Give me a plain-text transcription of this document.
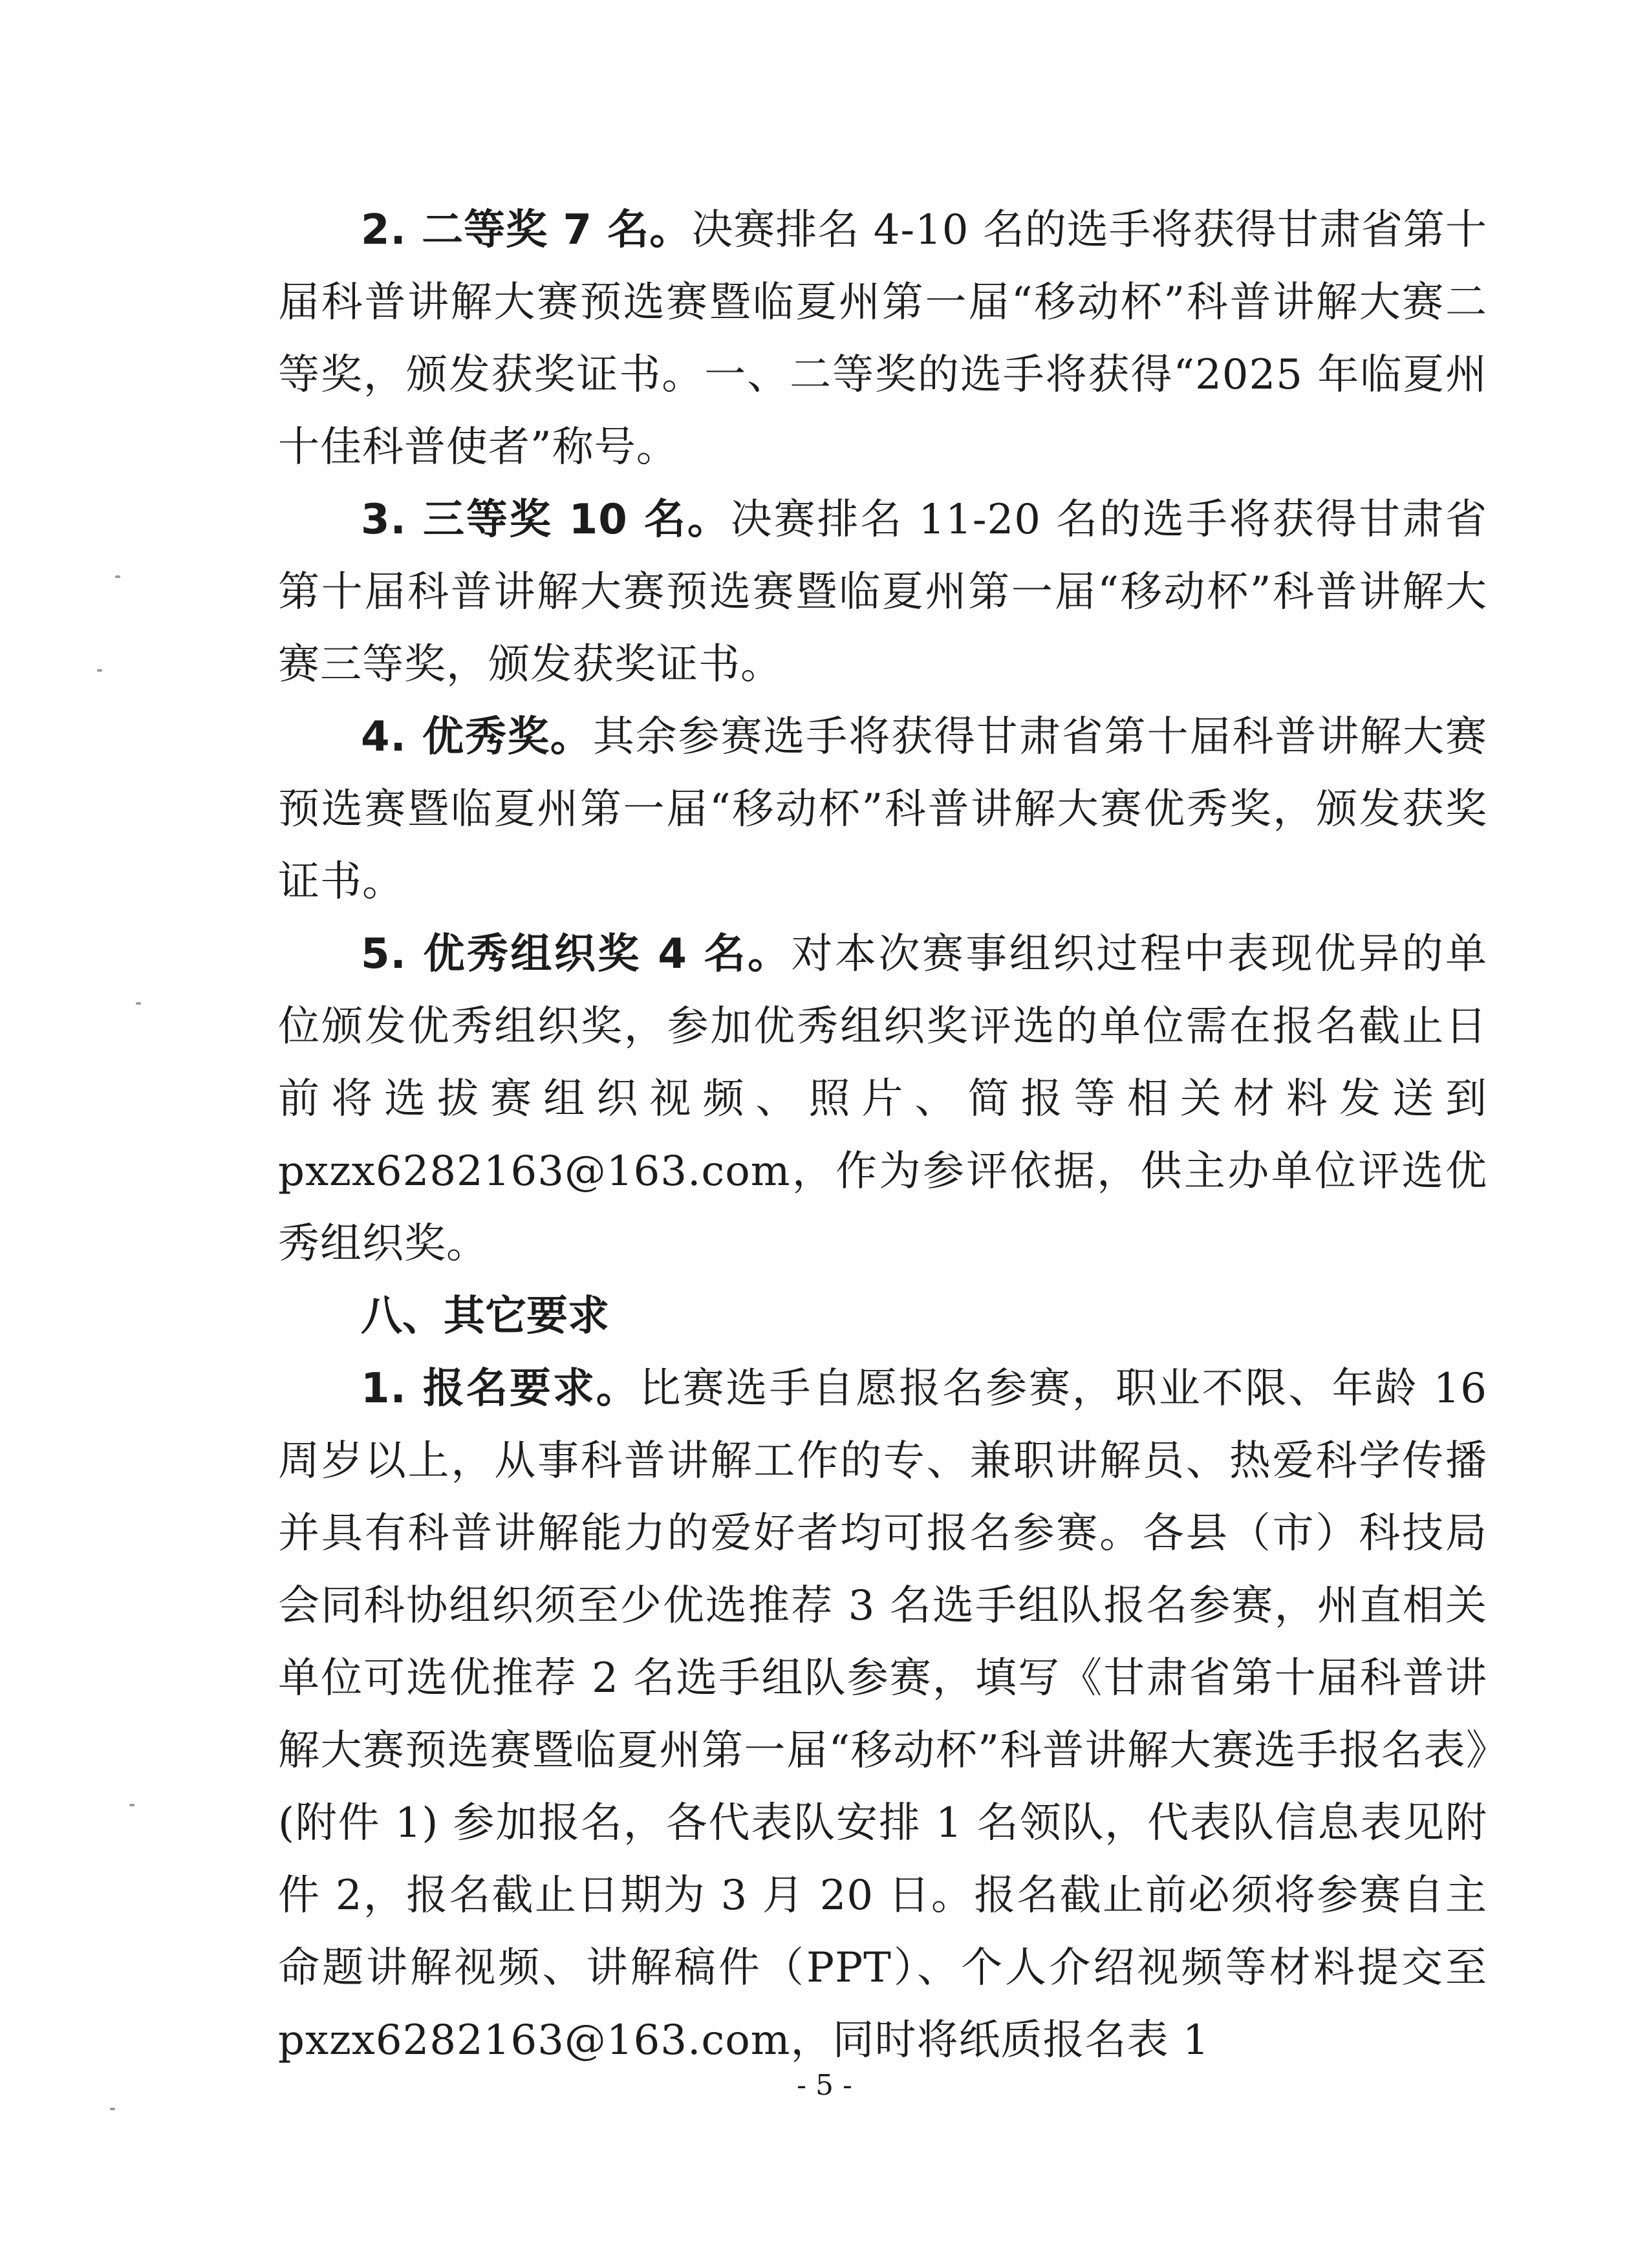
2. 二等奖 7 名。决赛排名 4-10 名的选手将获得甘肃省第十届科普讲解大赛预选赛暨临夏州第一届“移动杯”科普讲解大赛二等奖，颁发获奖证书。一、二等奖的选手将获得“2025 年临夏州十佳科普使者”称号。

3. 三等奖 10 名。决赛排名 11-20 名的选手将获得甘肃省第十届科普讲解大赛预选赛暨临夏州第一届“移动杯”科普讲解大赛三等奖，颁发获奖证书。

4. 优秀奖。其余参赛选手将获得甘肃省第十届科普讲解大赛预选赛暨临夏州第一届“移动杯”科普讲解大赛优秀奖，颁发获奖证书。

5. 优秀组织奖 4 名。对本次赛事组织过程中表现优异的单位颁发优秀组织奖，参加优秀组织奖评选的单位需在报名截止日前将选拔赛组织视频、照片、简报等相关材料发送到 pxzx6282163@163.com，作为参评依据，供主办单位评选优秀组织奖。

八、其它要求

1. 报名要求。比赛选手自愿报名参赛，职业不限、年龄 16 周岁以上，从事科普讲解工作的专、兼职讲解员、热爱科学传播并具有科普讲解能力的爱好者均可报名参赛。各县（市）科技局会同科协组织须至少优选推荐 3 名选手组队报名参赛，州直相关单位可选优推荐 2 名选手组队参赛，填写《甘肃省第十届科普讲解大赛预选赛暨临夏州第一届“移动杯”科普讲解大赛选手报名表》(附件 1) 参加报名，各代表队安排 1 名领队，代表队信息表见附件 2，报名截止日期为 3 月 20 日。报名截止前必须将参赛自主命题讲解视频、讲解稿件（PPT）、个人介绍视频等材料提交至 pxzx6282163@163.com，同时将纸质报名表 1

- 5 -
